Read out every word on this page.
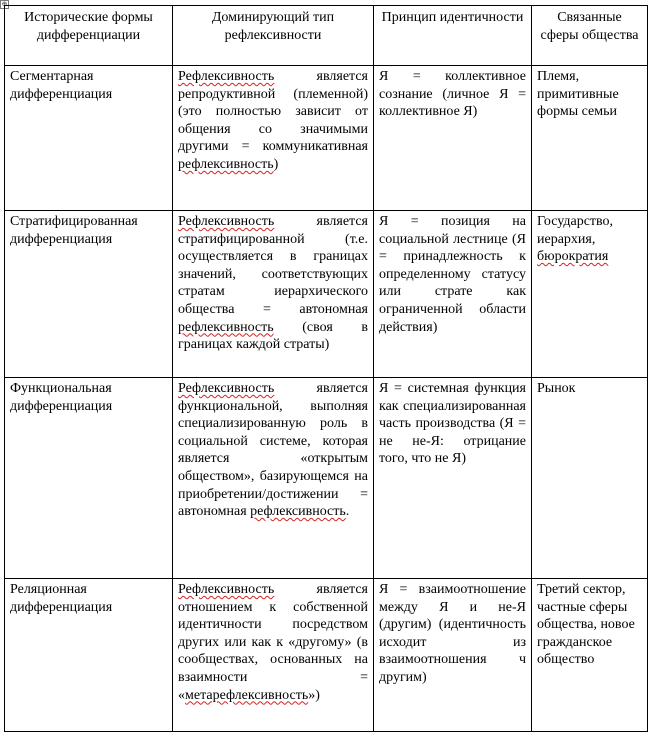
⊕
Исторические формы дифференциации	Доминирующий тип рефлексивности	Принцип идентичности	Связанные сферы общества
Сегментарная дифференциация	Рефлексивность является репродуктивной (племенной) (это полностью зависит от общения со значимыми другими = коммуникативная рефлексивность)	Я = коллективное сознание (личное Я = коллективное Я)	Племя, примитивные формы семьи
Стратифицированная дифференциация	Рефлексивность является стратифицированной (т.е. осуществляется в границах значений, соответствующих стратам иерархического общества = автономная рефлексивность (своя в границах каждой страты)	Я = позиция на социальной лестнице (Я = принадлежность к определенному статусу или страте как ограниченной области действия)	Государство, иерархия, бюрократия
Функциональная дифференциация	Рефлексивность является функциональной, выполняя специализированную роль в социальной системе, которая является «открытым обществом», базирующемся на приобретении/достижении = автономная рефлексивность.	Я = системная функция как специализированная часть производства (Я = не не-Я: отрицание того, что не Я)	Рынок
Реляционная дифференциация	Рефлексивность является отношением к собственной идентичности посредством других или как к «другому» (в сообществах, основанных на взаимности = «метарефлексивность»)	Я = взаимоотношение между Я и не-Я (другим) (идентичность исходит из взаимоотношения ч другим)	Третий сектор, частные сферы общества, новое гражданское общество
